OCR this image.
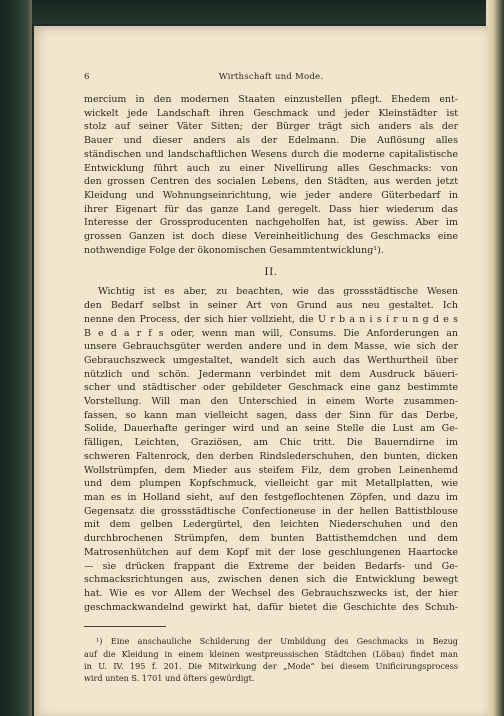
6	Wirthschaft und Mode.

mercium in den modernen Staaten einzustellen pflegt. Ehedem ent-

wickelt jede Landschaft ihren Geschmack und jeder Kleinstädter ist

stolz auf seiner Väter Sitten; der Bürger trägt sich anders als der

Bauer und dieser anders als der Edelmann. Die Auflösung alles

ständischen und landschaftlichen Wesens durch die moderne capitalistische

Entwicklung führt auch zu einer Nivellirung alles Geschmacks: von

den grossen Centren des socialen Lebens, den Städten, aus werden jetzt

Kleidung und Wohnungseinrichtung, wie jeder andere Güterbedarf in

ihrer Eigenart für das ganze Land geregelt. Dass hier wiederum das

Interesse der Grossproducenten nachgeholfen hat, ist gewiss. Aber im

grossen Ganzen ist doch diese Vereinheitlichung des Geschmacks eine

nothwendige Folge der ökonomischen Gesammtentwicklung¹).

II.

Wichtig ist es aber, zu beachten, wie das grossstädtische Wesen

den Bedarf selbst in seiner Art von Grund aus neu gestaltet. Ich

nenne den Process, der sich hier vollzieht, die U r b a n i s i r u n g d e s

B e d a r f s oder, wenn man will, Consums. Die Anforderungen an

unsere Gebrauchsgüter werden andere und in dem Masse, wie sich der

Gebrauchszweck umgestaltet, wandelt sich auch das Werthurtheil über

nützlich und schön. Jedermann verbindet mit dem Ausdruck bäueri-

scher und städtischer oder gebildeter Geschmack eine ganz bestimmte

Vorstellung. Will man den Unterschied in einem Worte zusammen-

fassen, so kann man vielleicht sagen, dass der Sinn für das Derbe,

Solide, Dauerhafte geringer wird und an seine Stelle die Lust am Ge-

fälligen, Leichten, Graziösen, am Chic tritt. Die Bauerndirne im

schweren Faltenrock, den derben Rindslederschuhen, den bunten, dicken

Wollstrümpfen, dem Mieder aus steifem Filz, dem groben Leinenhemd

und dem plumpen Kopfschmuck, vielleicht gar mit Metallplatten, wie

man es in Holland sieht, auf den festgeflochtenen Zöpfen, und dazu im

Gegensatz die grossstädtische Confectioneuse in der hellen Battistblouse

mit dem gelben Ledergürtel, den leichten Niederschuhen und den

durchbrochenen Strümpfen, dem bunten Battisthemdchen und dem

Matrosenhütchen auf dem Kopf mit der lose geschlungenen Haartocke

— sie drücken frappant die Extreme der beiden Bedarfs- und Ge-

schmacksrichtungen aus, zwischen denen sich die Entwicklung bewegt

hat. Wie es vor Allem der Wechsel des Gebrauchszwecks ist, der hier

geschmackwandelnd gewirkt hat, dafür bietet die Geschichte des Schuh-

¹) Eine anschauliche Schilderung der Umbildung des Geschmacks in Bezug

auf die Kleidung in einem kleinen westpreussischen Städtchen (Löbau) findet man

in U. IV. 195 f. 201. Die Mitwirkung der „Mode“ bei diesem Unificirungsprocess

wird unten S. 1701 und öfters gewürdigt.
